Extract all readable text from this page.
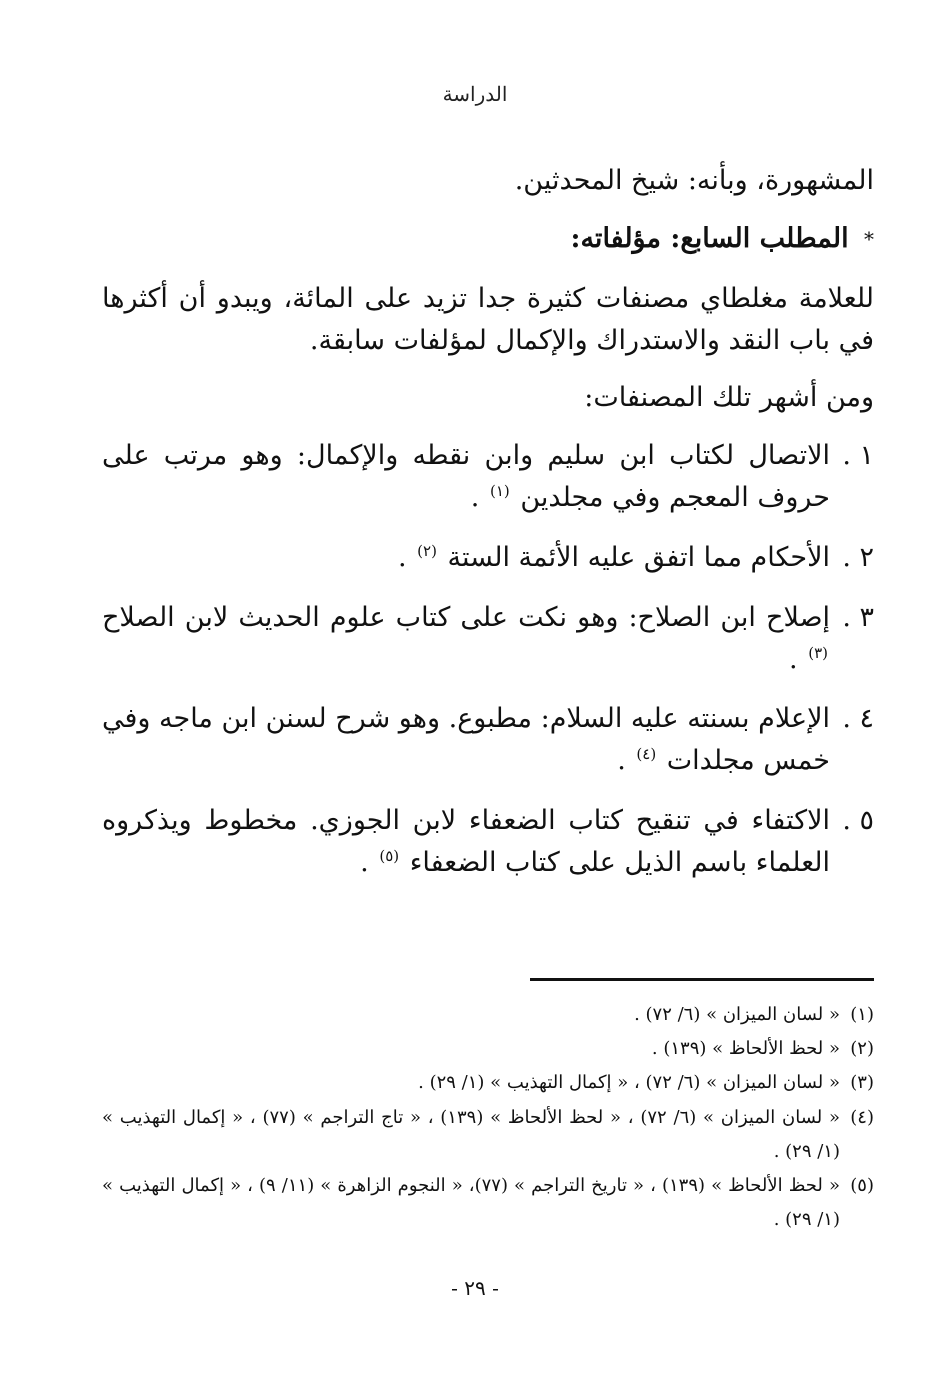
الدراسة

المشهورة، وبأنه: شيخ المحدثين.

* المطلب السابع: مؤلفاته:

للعلامة مغلطاي مصنفات كثيرة جدا تزيد على المائة، ويبدو أن أكثرها في باب النقد والاستدراك والإكمال لمؤلفات سابقة.

ومن أشهر تلك المصنفات:

١ .
الاتصال لكتاب ابن سليم وابن نقطه والإكمال: وهو مرتب على حروف المعجم وفي مجلدين $^{(١)}$ .
٢ .
الأحكام مما اتفق عليه الأئمة الستة $^{(٢)}$ .
٣ .
إصلاح ابن الصلاح: وهو نكت على كتاب علوم الحديث لابن الصلاح $^{(٣)}$ .
٤ .
الإعلام بسنته عليه السلام: مطبوع. وهو شرح لسنن ابن ماجه وفي خمس مجلدات $^{(٤)}$ .
٥ .
الاكتفاء في تنقيح كتاب الضعفاء لابن الجوزي. مخطوط ويذكروه العلماء باسم الذيل على كتاب الضعفاء $^{(٥)}$ .

(١)
« لسان الميزان » (٦/ ٧٢) .

(٢)
« لحظ الألحاظ » (١٣٩) .

(٣)
« لسان الميزان » (٦/ ٧٢) ، « إكمال التهذيب » (١/ ٢٩) .

(٤)
« لسان الميزان » (٦/ ٧٢) ، « لحظ الألحاظ » (١٣٩) ، « تاج التراجم » (٧٧) ، « إكمال التهذيب » (١/ ٢٩) .

(٥)
« لحظ الألحاظ » (١٣٩) ، « تاريخ التراجم » (٧٧)، « النجوم الزاهرة » (١١/ ٩) ، « إكمال التهذيب » (١/ ٢٩) .

- ٢٩ -
